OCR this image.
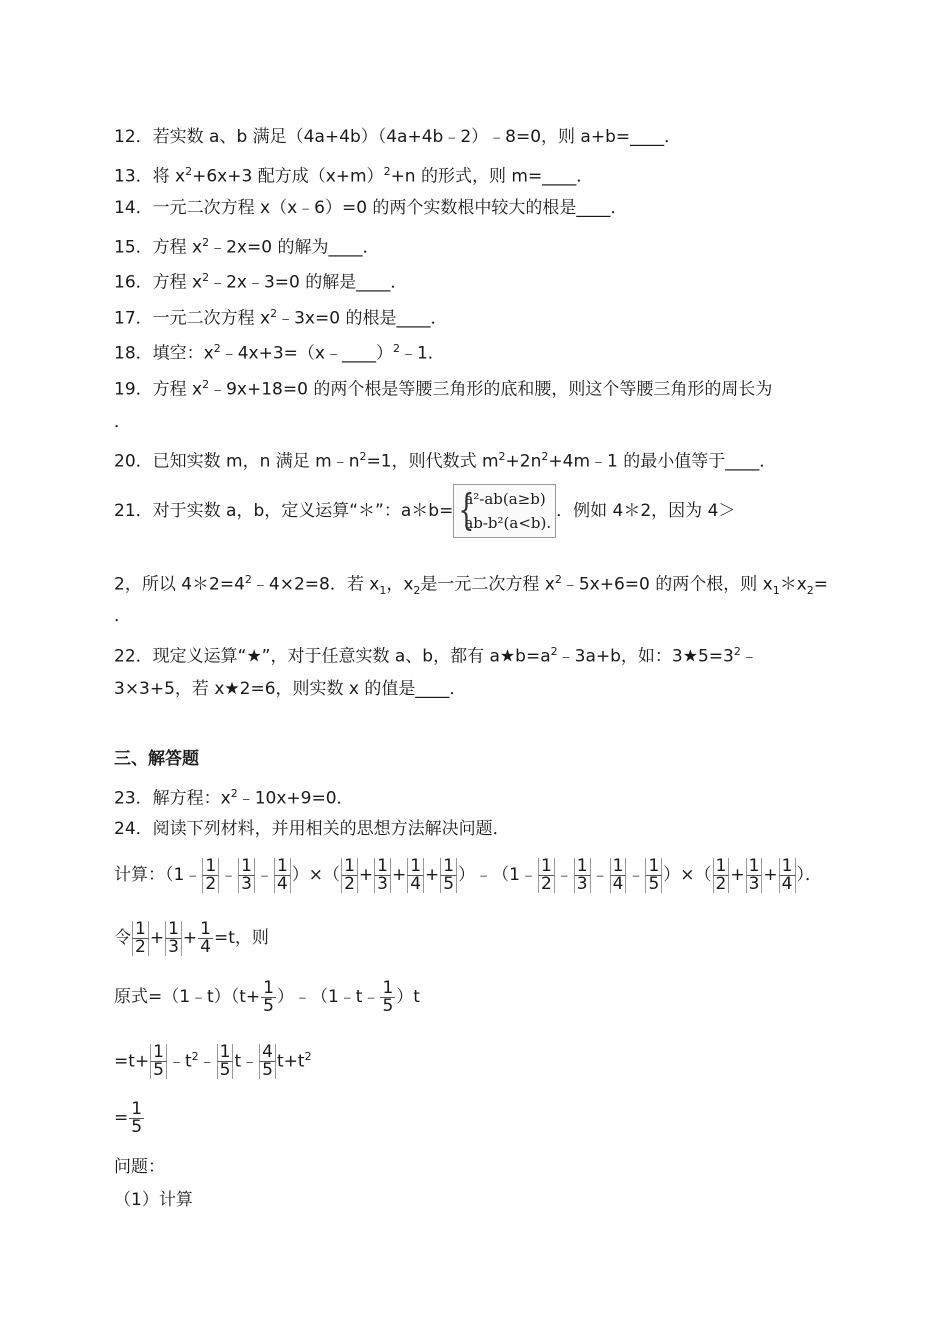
12．若实数 a、b 满足（4a+4b）（4a+4b﹣2）﹣8=0，则 a+b=____．
13．将 $x^2+6x+3$ 配方成$(x+m)^2+n$ 的形式，则 m=____．
14．一元二次方程 x（x﹣6）=0 的两个实数根中较大的根是____．
15．方程 $x^2﹣2x=0$ 的解为____．
16．方程 $x^2﹣2x﹣3=0$ 的解是____．
17．一元二次方程 $x^2﹣3x=0$ 的根是____．
18．填空：$x^2﹣4x+3=(x﹣\_\_\_\_)^2﹣1$．
19．方程 $x^2﹣9x+18=0$ 的两个根是等腰三角形的底和腰，则这个等腰三角形的周长为
．
20．已知实数 m，n 满足 $m﹣n^2=1$，则代数式 $m^2+2n^2+4m﹣1$ 的最小值等于____．
21．对于实数 a，b，定义运算“＊”：a＊b={ a²-ab(a≥b)
ab-b²(a<b).．例如 4＊2，因为 4＞
2，所以 $4*2=4^2﹣4\times 2=8$．若 $x_1$，$x_2$是一元二次方程 $x^2﹣5x+6=0$ 的两个根，则 $x_1*x_2=$
．
22．现定义运算“★”，对于任意实数 a、b，都有 $a★b=a^2﹣3a+b$，如：$3★5=3^2﹣$
3×3+5，若 x★2=6，则实数 x 的值是____．
三、解答题
23．解方程：$x^2﹣10x+9=0$．
24．阅读下列材料，并用相关的思想方法解决问题．
计算：（1﹣ $\frac{1}{2}$ ﹣ $\frac{1}{3}$ ﹣ $\frac{1}{4}$ ）×（ $\frac{1}{2} + \frac{1}{3} + \frac{1}{4} + \frac{1}{5}$ ）﹣（1﹣ $\frac{1}{2}$ ﹣ $\frac{1}{3}$ ﹣ $\frac{1}{4}$ ﹣ $\frac{1}{5}$ ）×（ $\frac{1}{2} + \frac{1}{3} + \frac{1}{4}$ ）．
令 $\frac{1}{2} + \frac{1}{3} + \frac{1}{4} =t$，则
原式=（1﹣t）（t+ $\frac{1}{5}$ ）﹣（1﹣t﹣ $\frac{1}{5} )t$
$=t+ \frac{1}{5}$ $﹣t^2﹣ \frac{1}{5}$ t﹣ $\frac{4}{5} t+t^2$
= $\frac{1}{5}$
问题：
（1）计算
